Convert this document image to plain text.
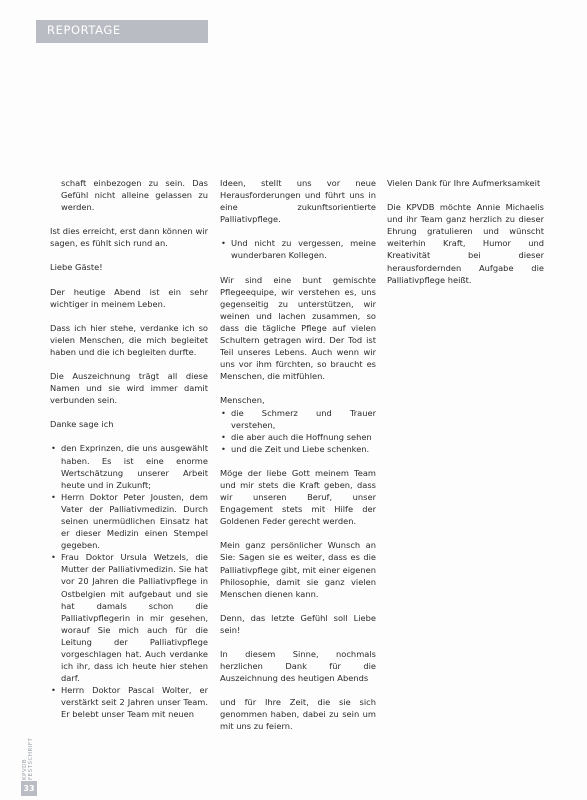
REPORTAGE

schaft einbezogen zu sein. Das Gefühl nicht alleine gelassen zu werden.

Ist dies erreicht, erst dann können wir sagen, es fühlt sich rund an.

Liebe Gäste!

Der heutige Abend ist ein sehr wichtiger in meinem Leben.

Dass ich hier stehe, verdanke ich so vielen Menschen, die mich begleitet haben und die ich begleiten durfte.

Die Auszeichnung trägt all diese Namen und sie wird immer damit verbunden sein.

Danke sage ich

• den Exprinzen, die uns ausgewählt haben. Es ist eine enorme Wertschätzung unserer Arbeit heute und in Zukunft;
• Herrn Doktor Peter Jousten, dem Vater der Palliativmedizin. Durch seinen unermüdlichen Einsatz hat er dieser Medizin einen Stempel gegeben.
• Frau Doktor Ursula Wetzels, die Mutter der Palliativmedizin. Sie hat vor 20 Jahren die Palliativpflege in Ostbelgien mit aufgebaut und sie hat damals schon die Palliativpflegerin in mir gesehen, worauf Sie mich auch für die Leitung der Palliativpflege vorgeschlagen hat. Auch verdanke ich ihr, dass ich heute hier stehen darf.
• Herrn Doktor Pascal Wolter, er verstärkt seit 2 Jahren unser Team. Er belebt unser Team mit neuen

Ideen, stellt uns vor neue Herausforderungen und führt uns in eine zukunftsorientierte Palliativpflege.

• Und nicht zu vergessen, meine wunderbaren Kollegen.

Wir sind eine bunt gemischte Pflegeequipe, wir verstehen es, uns gegenseitig zu unterstützen, wir weinen und lachen zusammen, so dass die tägliche Pflege auf vielen Schultern getragen wird. Der Tod ist Teil unseres Lebens. Auch wenn wir uns vor ihm fürchten, so braucht es Menschen, die mitfühlen.

Menschen,

• die Schmerz und Trauer verstehen,
• die aber auch die Hoffnung sehen
• und die Zeit und Liebe schenken.

Möge der liebe Gott meinem Team und mir stets die Kraft geben, dass wir unseren Beruf, unser Engagement stets mit Hilfe der Goldenen Feder gerecht werden.

Mein ganz persönlicher Wunsch an Sie: Sagen sie es weiter, dass es die Palliativpflege gibt, mit einer eigenen Philosophie, damit sie ganz vielen Menschen dienen kann.

Denn, das letzte Gefühl soll Liebe sein!

In diesem Sinne, nochmals herzlichen Dank für die Auszeichnung des heutigen Abends

und für Ihre Zeit, die sie sich genommen haben, dabei zu sein um mit uns zu feiern.

Vielen Dank für Ihre Aufmerksamkeit

Die KPVDB möchte Annie Michaelis und ihr Team ganz herzlich zu dieser Ehrung gratulieren und wünscht weiterhin Kraft, Humor und Kreativität bei dieser herausfordernden Aufgabe die Palliativpflege heißt.

KPVDB FESTSCHRIFT
33
